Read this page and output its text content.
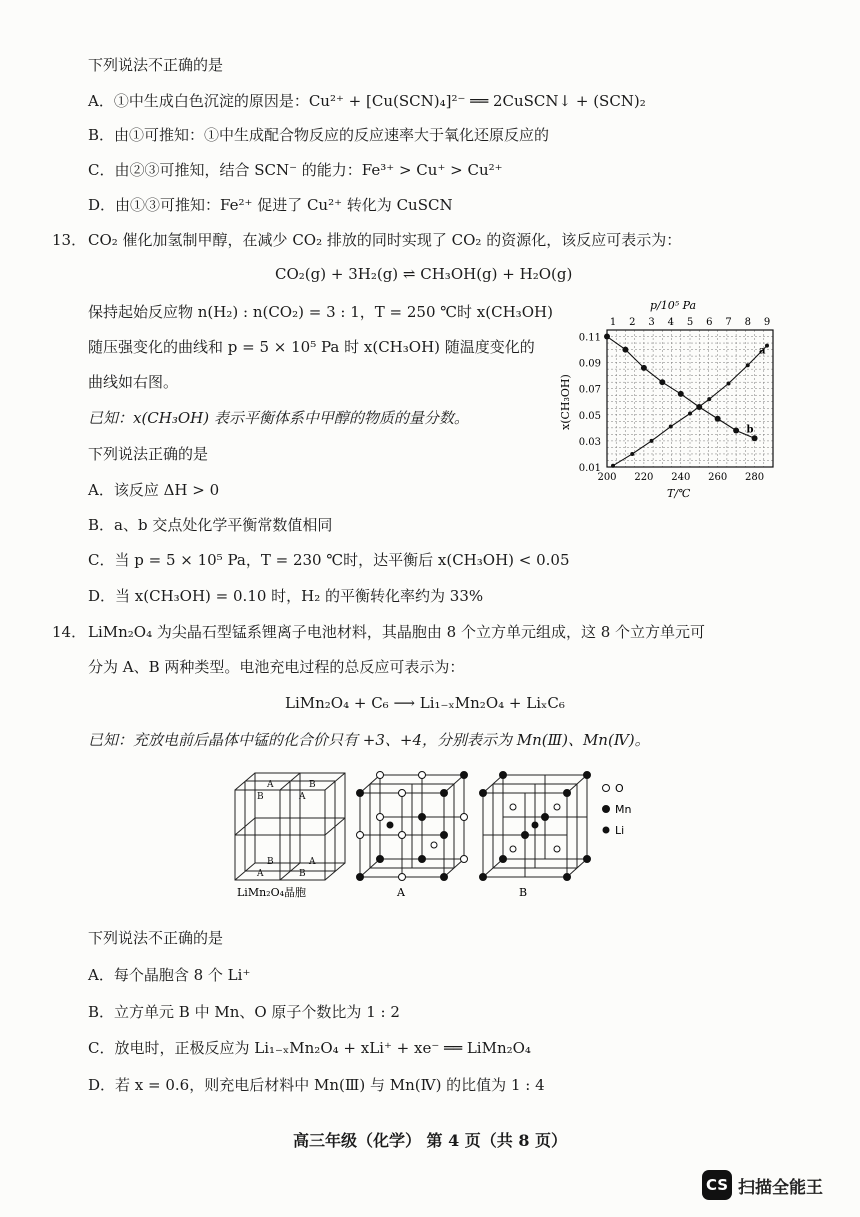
下列说法不正确的是
A．①中生成白色沉淀的原因是：Cu²⁺ + [Cu(SCN)₄]²⁻ ══ 2CuSCN↓ + (SCN)₂
B．由①可推知：①中生成配合物反应的反应速率大于氧化还原反应的
C．由②③可推知，结合 SCN⁻ 的能力：Fe³⁺ > Cu⁺ > Cu²⁺
D．由①③可推知：Fe²⁺ 促进了 Cu²⁺ 转化为 CuSCN
13． CO₂ 催化加氢制甲醇，在减少 CO₂ 排放的同时实现了 CO₂ 的资源化，该反应可表示为：
CO₂(g) + 3H₂(g) ⇌ CH₃OH(g) + H₂O(g)
保持起始反应物 n(H₂) : n(CO₂) = 3 : 1，T = 250 ℃时 x(CH₃OH)
随压强变化的曲线和 p = 5 × 10⁵ Pa 时 x(CH₃OH) 随温度变化的
曲线如右图。
已知：x(CH₃OH) 表示平衡体系中甲醇的物质的量分数。
下列说法正确的是
A．该反应 ΔH > 0
B．a、b 交点处化学平衡常数值相同
C．当 p = 5 × 10⁵ Pa，T = 230 ℃时，达平衡后 x(CH₃OH) < 0.05
D．当 x(CH₃OH) = 0.10 时，H₂ 的平衡转化率约为 33%
0.01
0.03
0.05
0.07
0.09
0.11
200 220 240 260 280
1 2 3 4 5 6 7 8 9
a
b
p/10⁵ Pa
T/℃
x(CH₃OH)
14． LiMn₂O₄ 为尖晶石型锰系锂离子电池材料，其晶胞由 8 个立方单元组成，这 8 个立方单元可
分为 A、B 两种类型。电池充电过程的总反应可表示为：
LiMn₂O₄ + C₆ ⟶ Li₁₋ₓMn₂O₄ + LiₓC₆
已知：充放电前后晶体中锰的化合价只有 +3、+4，分别表示为 Mn(Ⅲ)、Mn(Ⅳ)。
A	B
B	A
B	A
A	B
LiMn₂O₄晶胞	A	B
O
Mn
Li
下列说法不正确的是
A．每个晶胞含 8 个 Li⁺
B．立方单元 B 中 Mn、O 原子个数比为 1 : 2
C．放电时，正极反应为 Li₁₋ₓMn₂O₄ + xLi⁺ + xe⁻ ══ LiMn₂O₄
D．若 x = 0.6，则充电后材料中 Mn(Ⅲ) 与 Mn(Ⅳ) 的比值为 1 : 4
高三年级（化学） 第 4 页（共 8 页）
CS 扫描全能王
